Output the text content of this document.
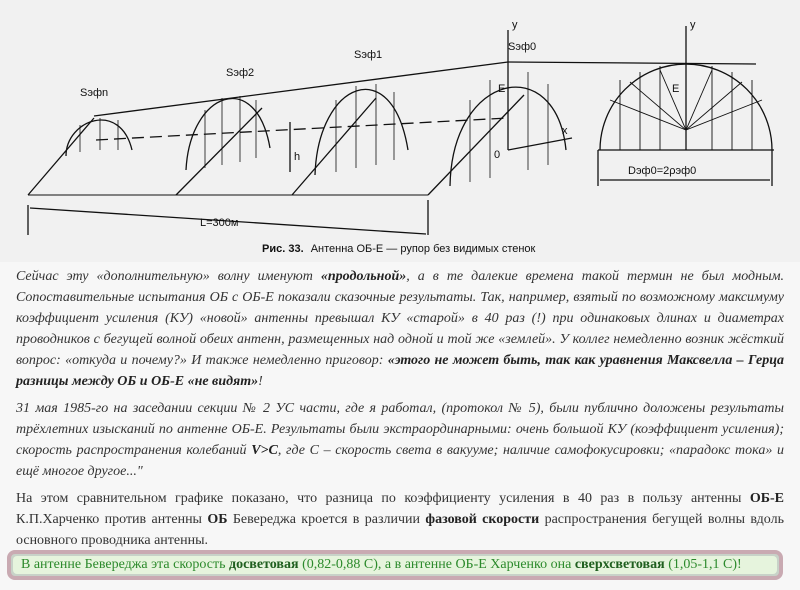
y	y
x
Sэфn
Sэф2
Sэф1
Sэф0
E	E
h	0
L=300м
Dэф0=2ρэф0
Рис. 33. Антенна ОБ-Е — рупор без видимых стенок

Сейчас эту «дополнительную» волну именуют «продольной», а в те далекие времена такой термин не был модным. Сопоставительные испытания ОБ с ОБ-Е показали сказочные результаты. Так, например, взятый по возможному максимуму коэффициент усиления (КУ) «новой» антенны превышал КУ «старой» в 40 раз (!) при одинаковых длинах и диаметрах проводников с бегущей волной обеих антенн, размещенных над одной и той же «землей». У коллег немедленно возник жёсткий вопрос: «откуда и почему?» И также немедленно приговор: «этого не может быть, так как уравнения Максвелла – Герца разницы между ОБ и ОБ-Е «не видят»!

31 мая 1985-го на заседании секции № 2 УС части, где я работал, (протокол № 5), были публично доложены результаты трёхлетних изысканий по антенне ОБ-Е. Результаты были экстраординарными: очень большой КУ (коэффициент усиления); скорость распространения колебаний V>C, где С – скорость света в вакууме; наличие самофокусировки; «парадокс тока» и ещё многое другое..."

На этом сравнительном графике показано, что разница по коэффициенту усиления в 40 раз в пользу антенны ОБ-Е К.П.Харченко против антенны ОБ Бевереджа кроется в различии фазовой скорости распространения бегущей волны вдоль основного проводника антенны.

В антенне Бевереджа эта скорость досветовая (0,82-0,88 С), а в антенне ОБ-Е Харченко она сверхсветовая (1,05-1,1 С)!
